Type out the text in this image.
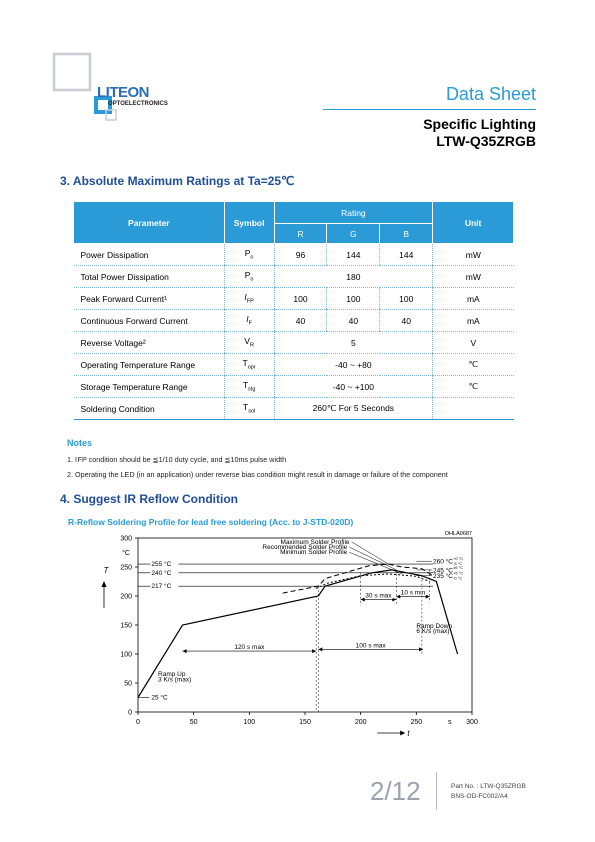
LITEON
OPTOELECTRONICS	Data Sheet
Specific Lighting
LTW-Q35ZRGB
3. Absolute Maximum Ratings at Ta=25℃
Parameter	Symbol	Rating			Unit
		R	G	B	
Power Dissipation	$P_o$	96	144	144	mW
Total Power Dissipation	$P_o$	180			mW
Peak Forward Current¹	$I_{FP}$	100	100	100	mA
Continuous Forward Current	$I_F$	40	40	40	mA
Reverse Voltage²	$V_R$	5			V
Operating Temperature Range	$T_{opr}$	-40 ~ +80			℃
Storage Temperature Range	$T_{stg}$	-40 ~ +100			℃
Soldering Condition	$T_{sol}$	260℃ For 5 Seconds			
Notes
1. I FP condition should be ≦1/10 duty cycle, and ≦10ms pulse width
2. Operating the LED (in an application) under reverse bias condition might result in damage or failure of the component
4. Suggest IR Reflow Condition
R-Reflow Soldering Profile for lead free soldering (Acc. to J-STD-020D)
0
50
100
150
200
250
300
0	50	100	150	200	250	300
°C
s
T
t
OHLA0687
255 °C
240 °C
217 °C
25 °C
Maximum Solder Profile
Recommended Solder Profile
Minimum Solder Profile
260 °C +0 °C
-5 °C
245 °C ±5 °C
235 °C +5 °C
-0 °C
120 s max	100 s max
30 s max 10 s min
Ramp Up
3 K/s (max)
Ramp Down
6 K/s (max)
2/12	Part No. : LTW-Q35ZRGB
BNS-OD-FC002/A4
